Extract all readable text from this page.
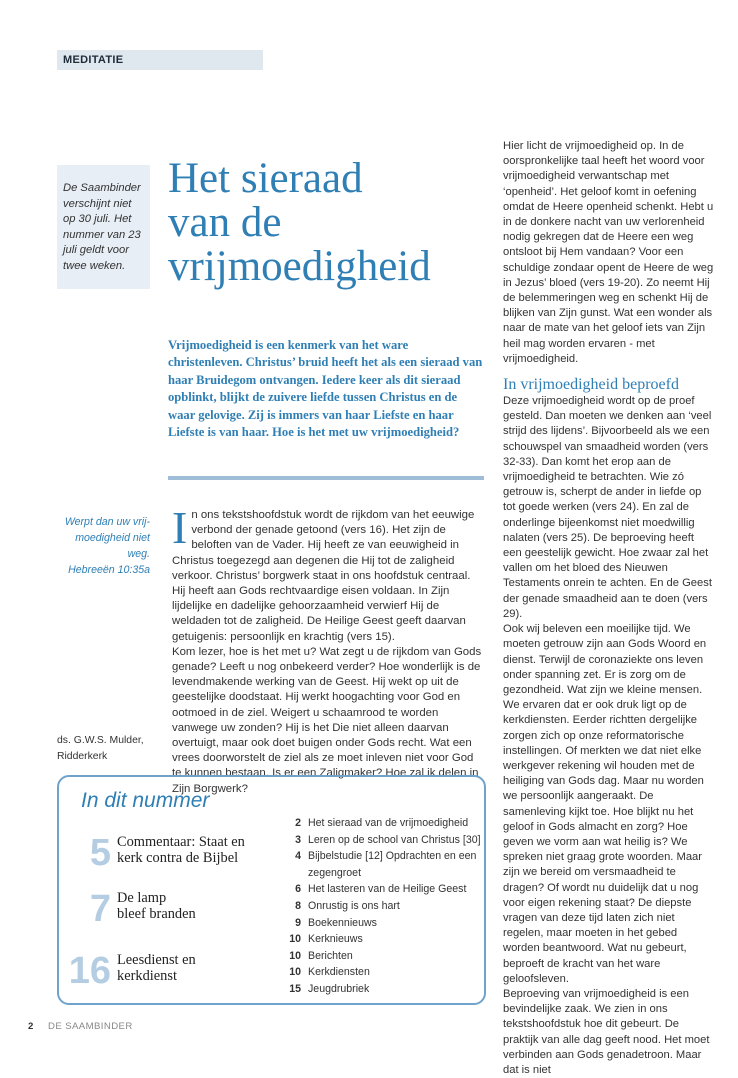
MEDITATIE
De Saambinder verschijnt niet op 30 juli. Het nummer van 23 juli geldt voor twee weken.
Het sieraad
van de
vrijmoedigheid

Vrijmoedigheid is een kenmerk van het ware christenleven. Christus’ bruid heeft het als een sieraad van haar Bruidegom ontvangen. Iedere keer als dit sieraad opblinkt, blijkt de zuivere liefde tussen Christus en de waar gelovige. Zij is immers van haar Liefste en haar Liefste is van haar. Hoe is het met uw vrijmoedigheid?

Werpt dan uw vrij-
moedigheid niet weg.
Hebreeën 10:35a
ds. G.W.S. Mulder,
Ridderkerk

In ons tekstshoofdstuk wordt de rijkdom van het eeuwige verbond der genade getoond (vers 16). Het zijn de beloften van de Vader. Hij heeft ze van eeuwigheid in Christus toegezegd aan degenen die Hij tot de zaligheid verkoor. Christus’ borgwerk staat in ons hoofdstuk centraal. Hij heeft aan Gods rechtvaardige eisen voldaan. In Zijn lijdelijke en dadelijke gehoorzaamheid verwierf Hij de weldaden tot de zaligheid. De Heilige Geest geeft daarvan getuigenis: persoonlijk en krachtig (vers 15).

Kom lezer, hoe is het met u? Wat zegt u de rijkdom van Gods genade? Leeft u nog onbekeerd verder? Hoe wonderlijk is de levendmakende werking van de Geest. Hij wekt op uit de geestelijke doodstaat. Hij werkt hoogachting voor God en ootmoed in de ziel. Weigert u schaamrood te worden vanwege uw zonden? Hij is het Die niet alleen daarvan overtuigt, maar ook doet buigen onder Gods recht. Wat een vrees doorworstelt de ziel als ze moet inleven niet voor God te kunnen bestaan. Is er een Zaligmaker? Hoe zal ik delen in Zijn Borgwerk?

Hier licht de vrijmoedigheid op. In de oorspronkelijke taal heeft het woord voor vrijmoedigheid verwantschap met ‘openheid’. Het geloof komt in oefening omdat de Heere openheid schenkt. Hebt u in de donkere nacht van uw verlorenheid nodig gekregen dat de Heere een weg ontsloot bij Hem vandaan? Voor een schuldige zondaar opent de Heere de weg in Jezus’ bloed (vers 19-20). Zo neemt Hij de belemmeringen weg en schenkt Hij de blijken van Zijn gunst. Wat een wonder als naar de mate van het geloof iets van Zijn heil mag worden ervaren - met vrijmoedigheid.

In vrijmoedigheid beproefd

Deze vrijmoedigheid wordt op de proef gesteld. Dan moeten we denken aan ‘veel strijd des lijdens’. Bijvoorbeeld als we een schouwspel van smaadheid worden (vers 32-33). Dan komt het erop aan de vrijmoedigheid te betrachten. Wie zó getrouw is, scherpt de ander in liefde op tot goede werken (vers 24). En zal de onderlinge bijeenkomst niet moedwillig nalaten (vers 25). De beproeving heeft een geestelijk gewicht. Hoe zwaar zal het vallen om het bloed des Nieuwen Testaments onrein te achten. En de Geest der genade smaadheid aan te doen (vers 29).

Ook wij beleven een moeilijke tijd. We moeten getrouw zijn aan Gods Woord en dienst. Terwijl de coronaziekte ons leven onder spanning zet. Er is zorg om de gezondheid. Wat zijn we kleine mensen. We ervaren dat er ook druk ligt op de kerkdiensten. Eerder richtten dergelijke zorgen zich op onze reformatorische instellingen. Of merkten we dat niet elke werkgever rekening wil houden met de heiliging van Gods dag. Maar nu worden we persoonlijk aangeraakt. De samenleving kijkt toe. Hoe blijkt nu het geloof in Gods almacht en zorg? Hoe geven we vorm aan wat heilig is? We spreken niet graag grote woorden. Maar zijn we bereid om versmaadheid te dragen? Of wordt nu duidelijk dat u nog voor eigen rekening staat? De diepste vragen van deze tijd laten zich niet regelen, maar moeten in het gebed worden beantwoord. Wat nu gebeurt, beproeft de kracht van het ware geloofsleven.

Beproeving van vrijmoedigheid is een bevindelijke zaak. We zien in ons tekstshoofdstuk hoe dit gebeurt. De praktijk van alle dag geeft nood. Het moet verbinden aan Gods genadetroon. Maar dat is niet

In dit nummer
5 Commentaar: Staat en
kerk contra de Bijbel
7 De lamp
bleef branden
16 Leesdienst en
kerkdienst
2 Het sieraad van de vrijmoedigheid
3 Leren op de school van Christus [30]
4 Bijbelstudie [12] Opdrachten en een
zegengroet
6 Het lasteren van de Heilige Geest
8 Onrustig is ons hart
9 Boekennieuws
10 Kerknieuws
10 Berichten
10 Kerkdiensten
15 Jeugdrubriek
2 DE SAAMBINDER
